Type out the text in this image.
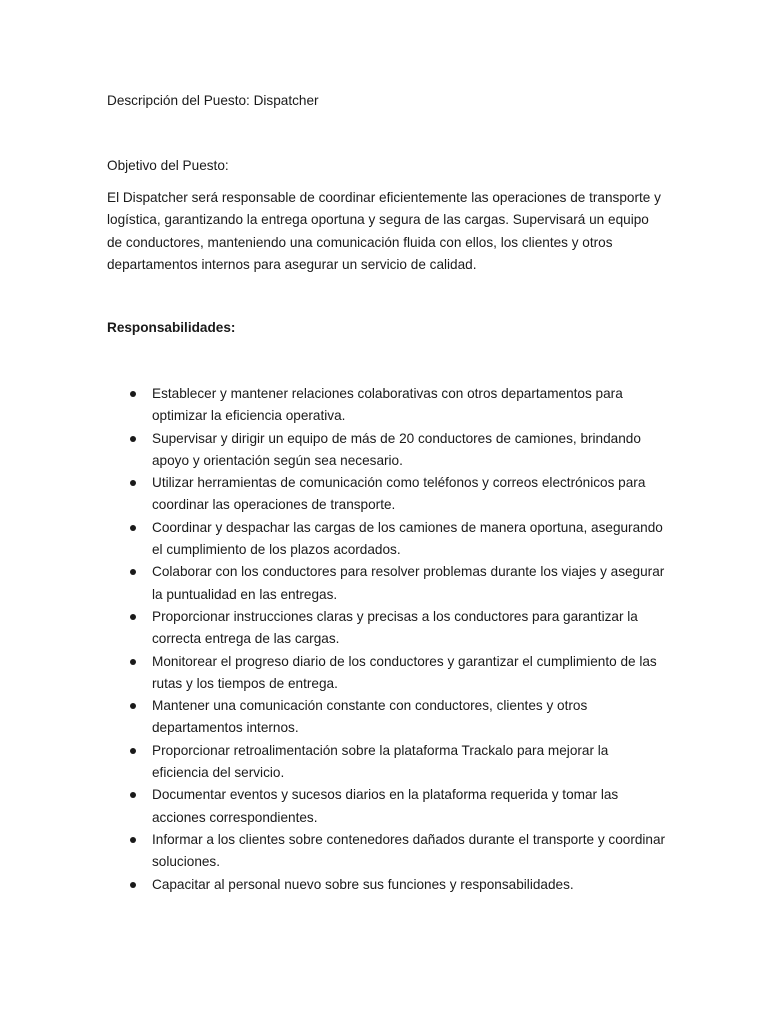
Descripción del Puesto: Dispatcher
Objetivo del Puesto:

El Dispatcher será responsable de coordinar eficientemente las operaciones de transporte y logística, garantizando la entrega oportuna y segura de las cargas. Supervisará un equipo de conductores, manteniendo una comunicación fluida con ellos, los clientes y otros departamentos internos para asegurar un servicio de calidad.

Responsabilidades:
Establecer y mantener relaciones colaborativas con otros departamentos para optimizar la eficiencia operativa.
Supervisar y dirigir un equipo de más de 20 conductores de camiones, brindando apoyo y orientación según sea necesario.
Utilizar herramientas de comunicación como teléfonos y correos electrónicos para coordinar las operaciones de transporte.
Coordinar y despachar las cargas de los camiones de manera oportuna, asegurando el cumplimiento de los plazos acordados.
Colaborar con los conductores para resolver problemas durante los viajes y asegurar la puntualidad en las entregas.
Proporcionar instrucciones claras y precisas a los conductores para garantizar la correcta entrega de las cargas.
Monitorear el progreso diario de los conductores y garantizar el cumplimiento de las rutas y los tiempos de entrega.
Mantener una comunicación constante con conductores, clientes y otros departamentos internos.
Proporcionar retroalimentación sobre la plataforma Trackalo para mejorar la eficiencia del servicio.
Documentar eventos y sucesos diarios en la plataforma requerida y tomar las acciones correspondientes.
Informar a los clientes sobre contenedores dañados durante el transporte y coordinar soluciones.
Capacitar al personal nuevo sobre sus funciones y responsabilidades.
